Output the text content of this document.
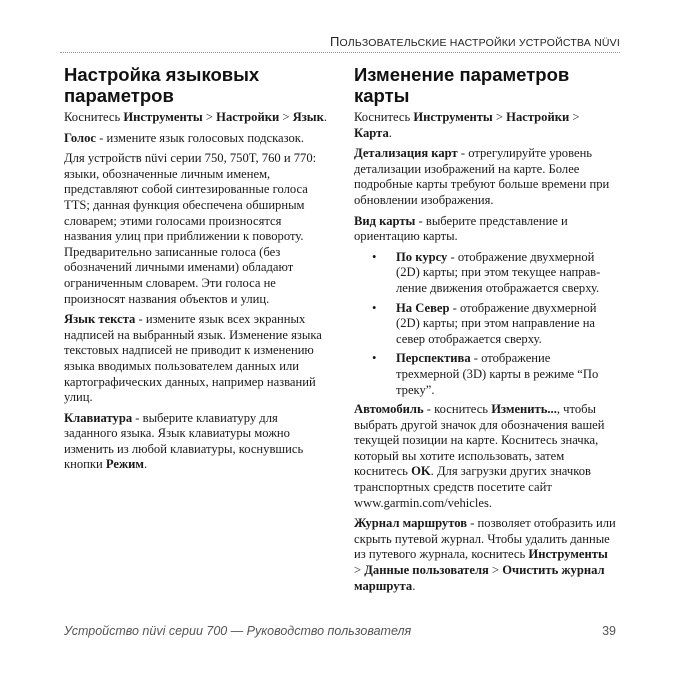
ПОЛЬЗОВАТЕЛЬСКИЕ НАСТРОЙКИ УСТРОЙСТВА NÜVI
Настройка языковых параметров

Коснитесь Инструменты > Настройки > Язык.

Голос - измените язык голосовых подсказок.

Для устройств nüvi серии 750, 750T, 760 и 770: языки, обозначенные личным именем, представляют собой синтезированные голоса TTS; данная функция обеспечена обширным словарем; этими голосами произносятся названия улиц при приближении к повороту. Предварительно записанные голоса (без обозначений личными именами) обладают ограниченным словарем. Эти голоса не произносят названия объектов и улиц.

Язык текста - измените язык всех экранных надписей на выбранный язык. Изменение языка текстовых надписей не приводит к изменению языка вводимых пользователем данных или картографических данных, например названий улиц.

Клавиатура - выберите клавиатуру для заданного языка. Язык клавиатуры можно изменить из любой клавиатуры, коснувшись кнопки Режим.

Изменение параметров карты

Коснитесь Инструменты > Настройки > Карта.

Детализация карт - отрегулируйте уровень детализации изображений на карте. Более подробные карты требуют больше времени при обновлении изображения.

Вид карты - выберите представление и ориентацию карты.

• По курсу - отображение двухмерной (2D) карты; при этом текущее направ-ление движения отображается сверху.
• На Север - отображение двухмерной (2D) карты; при этом направление на север отображается сверху.
• Перспектива - отображение трехмерной (3D) карты в режиме “По треку”.

Автомобиль - коснитесь Изменить..., чтобы выбрать другой значок для обозначения вашей текущей позиции на карте. Коснитесь значка, который вы хотите использовать, затем коснитесь OK. Для загрузки других значков транспортных средств посетите сайт www.garmin.com/vehicles.

Журнал маршрутов - позволяет отобразить или скрыть путевой журнал. Чтобы удалить данные из путевого журнала, коснитесь Инструменты > Данные пользователя > Очистить журнал маршрута.

Устройство nüvi серии 700 — Руководство пользователя	39
